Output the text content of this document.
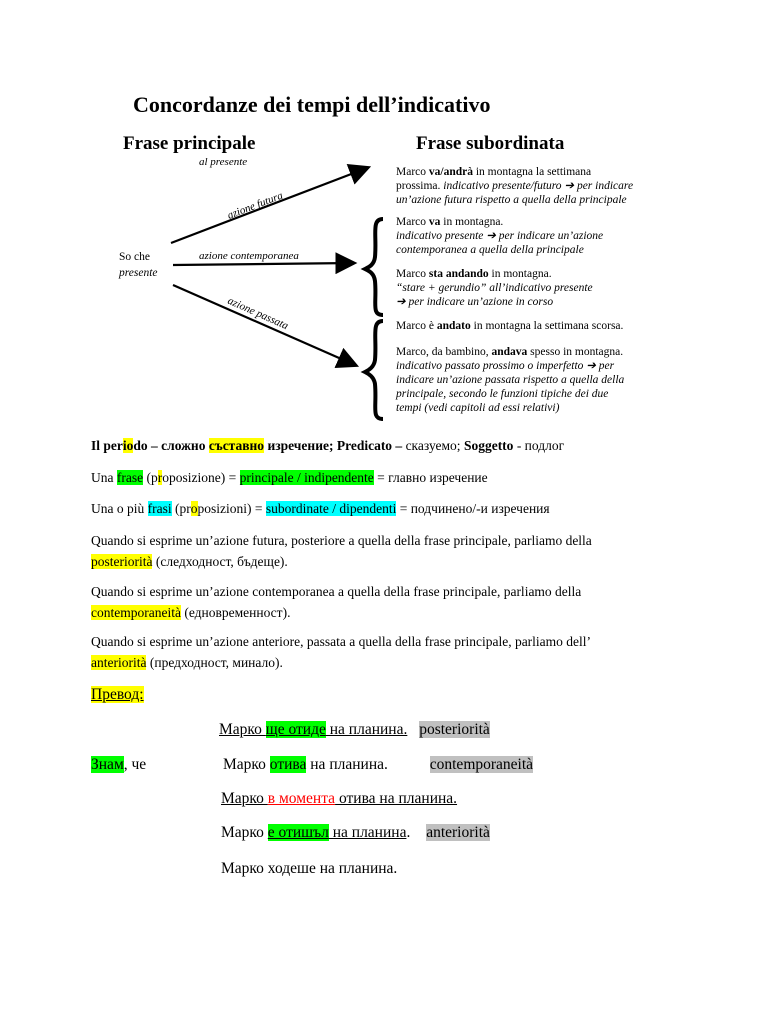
Concordanze dei tempi dell’indicativo
Frase principale	Frase subordinata
al presente
So che
presente
azione futura
azione contemporanea
azione passata
Marco va/andrà in montagna la settimana
prossima. indicativo presente/futuro ➔ per indicare
un’azione futura rispetto a quella della principale
Marco va in montagna.
indicativo presente ➔ per indicare un’azione
contemporanea a quella della principale
Marco sta andando in montagna.
“stare + gerundio” all’indicativo presente
➔ per indicare un’azione in corso
Marco è andato in montagna la settimana scorsa.
Marco, da bambino, andava spesso in montagna.
indicativo passato prossimo o imperfetto ➔ per
indicare un’azione passata rispetto a quella della
principale, secondo le funzioni tipiche dei due
tempi (vedi capitoli ad essi relativi)
Il periodo – сложно съставно изречение; Predicato – сказуемо; Soggetto - подлог
Una frase (proposizione) = principale / indipendente = главно изречение
Una o più frasi (proposizioni) = subordinate / dipendenti = подчинено/-и изречения
Quando si esprime un’azione futura, posteriore a quella della frase principale, parliamo della
posteriorità (следходност, бъдеще).
Quando si esprime un’azione contemporanea a quella della frase principale, parliamo della
contemporaneità (едновременност).
Quando si esprime un’azione anteriore, passata a quella della frase principale, parliamo dell’
anteriorità (предходност, минало).
Превод:
Марко ще отиде на планина. posteriorità
Знам, че	Марко отива на планина.	contemporaneità
Марко в момента отива на планина.
Марко е отишъл на планина. anteriorità
Марко ходеше на планина.
